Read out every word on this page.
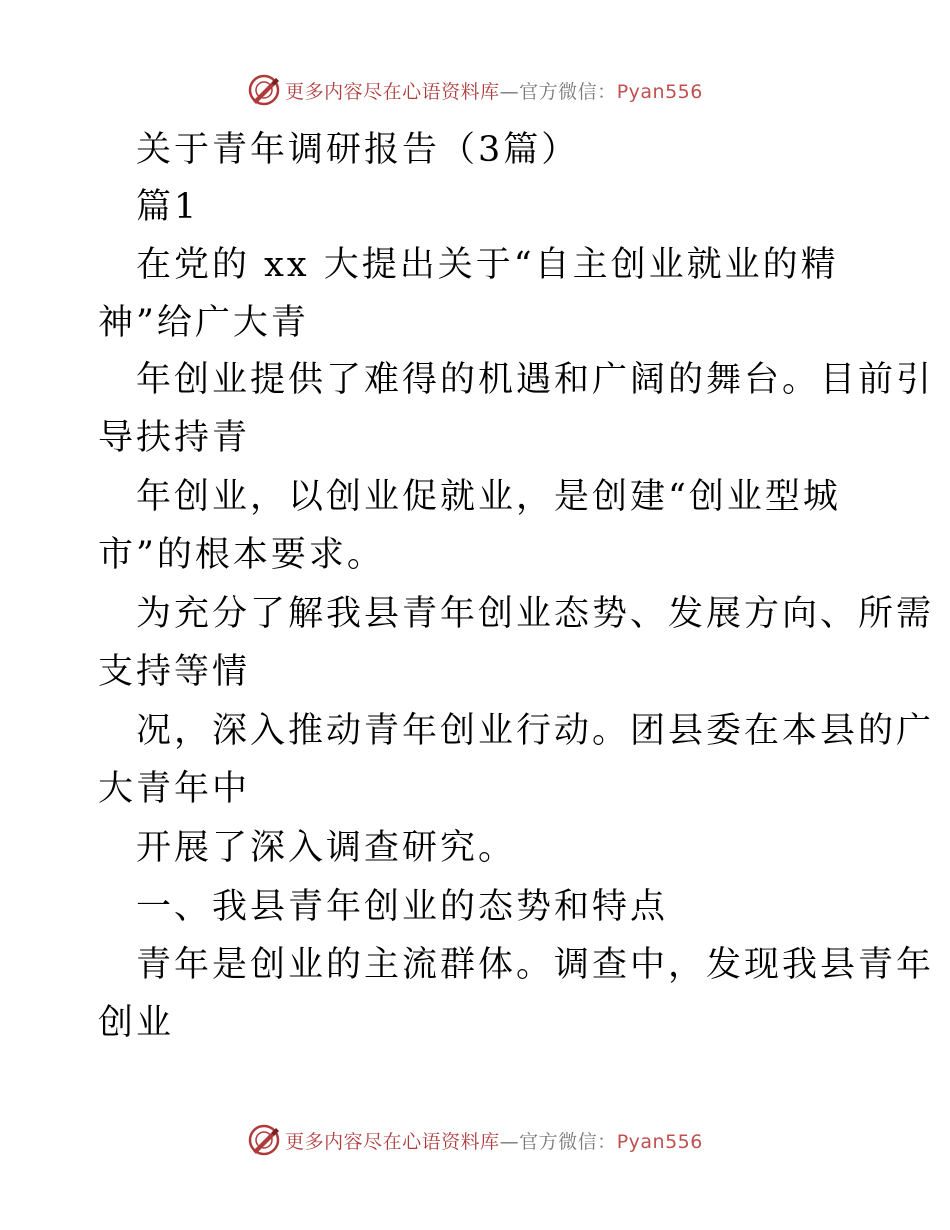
更多内容尽在心语资料库—官方微信：Pyan556
关于青年调研报告（3篇）
篇1
在党的 xx 大提出关于“自主创业就业的精
神”给广大青
年创业提供了难得的机遇和广阔的舞台。目前引
导扶持青
年创业，以创业促就业，是创建“创业型城
市”的根本要求。
为充分了解我县青年创业态势、发展方向、所需
支持等情
况，深入推动青年创业行动。团县委在本县的广
大青年中
开展了深入调查研究。
一、我县青年创业的态势和特点
青年是创业的主流群体。调查中，发现我县青年
创业
更多内容尽在心语资料库—官方微信：Pyan556
